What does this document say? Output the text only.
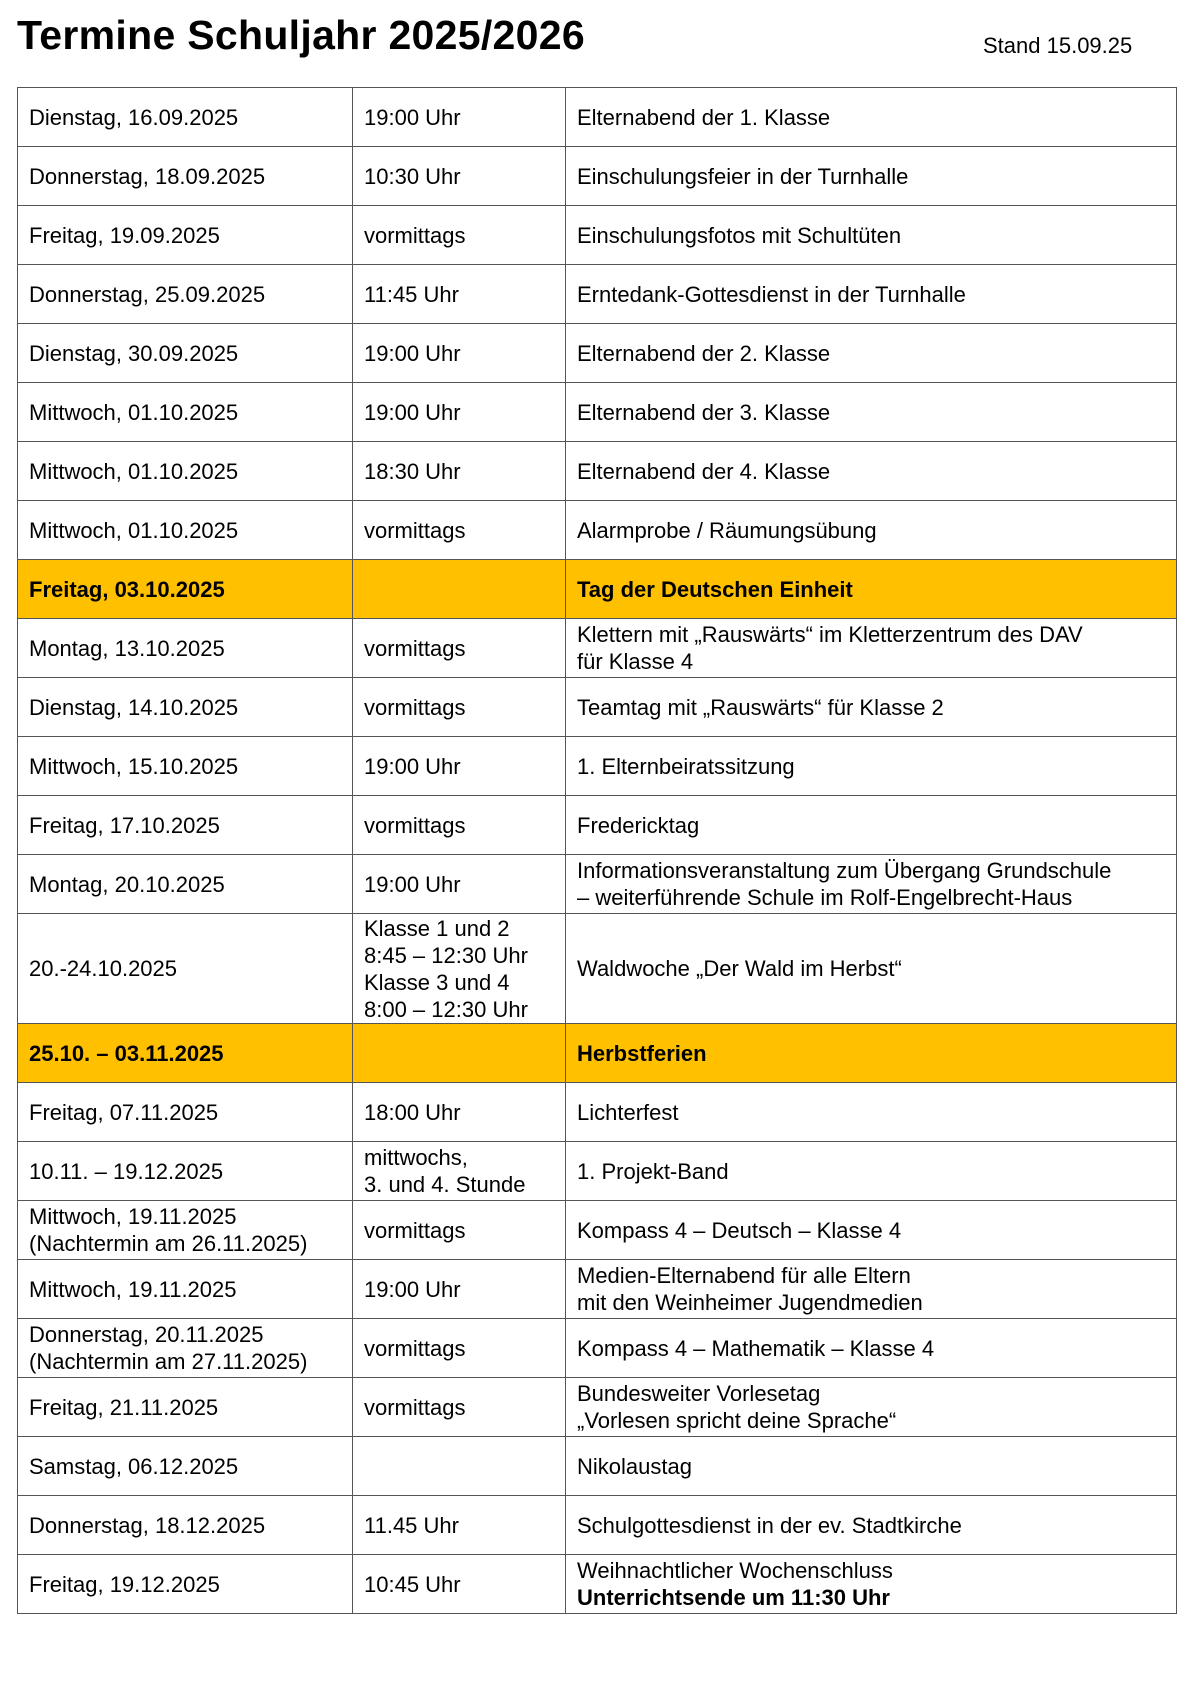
Termine Schuljahr 2025/2026	Stand 15.09.25
Dienstag, 16.09.2025	19:00 Uhr	Elternabend der 1. Klasse

Donnerstag, 18.09.2025	10:30 Uhr	Einschulungsfeier in der Turnhalle

Freitag, 19.09.2025	vormittags	Einschulungsfotos mit Schultüten

Donnerstag, 25.09.2025	11:45 Uhr	Erntedank-Gottesdienst in der Turnhalle

Dienstag, 30.09.2025	19:00 Uhr	Elternabend der 2. Klasse

Mittwoch, 01.10.2025	19:00 Uhr	Elternabend der 3. Klasse

Mittwoch, 01.10.2025	18:30 Uhr	Elternabend der 4. Klasse

Mittwoch, 01.10.2025	vormittags	Alarmprobe / Räumungsübung

Freitag, 03.10.2025		Tag der Deutschen Einheit

Montag, 13.10.2025	vormittags	Klettern mit „Rauswärts“ im Kletterzentrum des DAV
für Klasse 4

Dienstag, 14.10.2025	vormittags	Teamtag mit „Rauswärts“ für Klasse 2

Mittwoch, 15.10.2025	19:00 Uhr	1. Elternbeiratssitzung

Freitag, 17.10.2025	vormittags	Fredericktag

Montag, 20.10.2025	19:00 Uhr	Informationsveranstaltung zum Übergang Grundschule
– weiterführende Schule im Rolf-Engelbrecht-Haus

20.-24.10.2025	Klasse 1 und 2
8:45 – 12:30 Uhr
Klasse 3 und 4
8:00 – 12:30 Uhr	Waldwoche „Der Wald im Herbst“

25.10. – 03.11.2025		Herbstferien

Freitag, 07.11.2025	18:00 Uhr	Lichterfest

10.11. – 19.12.2025	mittwochs,
3. und 4. Stunde	1. Projekt-Band

Mittwoch, 19.11.2025
(Nachtermin am 26.11.2025)	vormittags	Kompass 4 – Deutsch – Klasse 4

Mittwoch, 19.11.2025	19:00 Uhr	Medien-Elternabend für alle Eltern
mit den Weinheimer Jugendmedien

Donnerstag, 20.11.2025
(Nachtermin am 27.11.2025)	vormittags	Kompass 4 – Mathematik – Klasse 4

Freitag, 21.11.2025	vormittags	Bundesweiter Vorlesetag
„Vorlesen spricht deine Sprache“

Samstag, 06.12.2025		Nikolaustag

Donnerstag, 18.12.2025	11.45 Uhr	Schulgottesdienst in der ev. Stadtkirche

Freitag, 19.12.2025	10:45 Uhr	Weihnachtlicher Wochenschluss
Unterrichtsende um 11:30 Uhr
